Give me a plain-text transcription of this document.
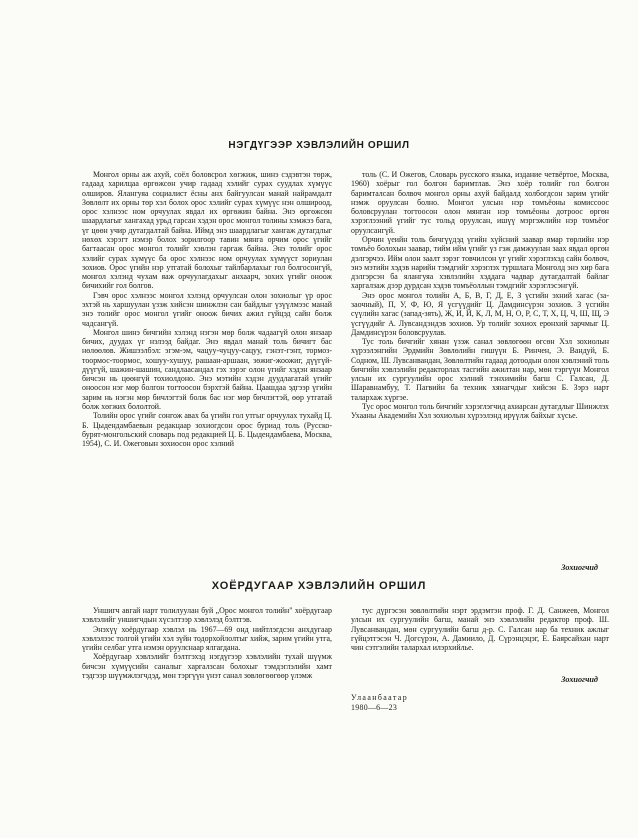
НЭГДҮГЭЭР ХЭВЛЭЛИЙН ОРШИЛ

Монгол орны аж ахуй, соёл боловсрол хөгжиж, шинэ сэдэвтэн төрж, гадаад харилцаа өргөжсөн учир гадаад хэлийг сурах суудлах хүмүүс олширов. Ялангуяа социалист ёсны анх байгуулсан манай найрамдалт Зөвлөлт их орны төр хэл болох орос хэлийг сурах хүмүүс нэн олшироод, орос хэлнээс ном орчуулах явдал их өргөжин байна. Энэ өргөжсөн шаардлагыг хангахад урьд гарсан хэдэн орос монгол толины хэмжээ бага, үг цөөн учир дутагдалтай байна. Иймд энэ шаардлагыг хангаж дутагдлыг нөхөх хэрэгт нэмэр болох зорилгоор тавин мянга орчим орос үгийг багтаасан орос монгол толийг хэвлэн гаргаж байна. Энэ толийг орос хэлийг сурах хүмүүс ба орос хэлнээс ном орчуулах хүмүүст зориулан зохиов. Орос үгийн нэр утгатай болохыг тайлбарлахыг гол болгосонгүй, монгол хэлэнд чухам яаж орчуулагдахыг анхаарч, зохих үгийг оноож бичихийг гол болгов.

Гэвч орос хэлнээс монгол хэлэнд орчуулсан олон зохиолыг үр орос эхтэй нь харшуулан үзэж хийсэн шинжлэн сан байдлыг үзүүлмээс манай энэ толийг орос монгол үгийг оноож бичих ажил гүйцэд сайн болж чадсангүй.

Монгол шинэ бичгийн хэлэнд нэгэн мөр болж чадаагүй олон янзаар бичих, дуудах үг нэлээд байдаг. Энэ явдал манай толь бичигт бас нөлөөлөв. Жишээлбэл: эгэм-эм, чацуу-чуцуу-сацуу, гэнэт-гэнт, тормоз-тоормос-тоормос, хошуу-хушуу, рашаан-аршаан, зөжиг-жоожиг, дүүгүй-дүүгүй, шажин-шашин, сандлаасандал гэх зэрэг олон үгийг хэдэн янзаар бичсэн нь цөөнгүй тохиолдоно. Энэ мэтийн хэдэн дуудлагатай үгийг оноосон нэг мөр болгон тогтоосон бэрхтэй байна. Цаашдаа эдгээр үгийн зарим нь нэгэн мөр бичлэгтэй болж бас нэг мөр бичлэгтэй, өөр утгатай болж хөгжих бололтой.

Толийн орос үгийг сонгож авах ба үгийн гол утгыг орчуулах тухайд Ц. Б. Цыдендамбаевын редакцаар зохиогдсон орос буриад толь (Русско-бурят-монгольский словарь под редакцией Ц. Б. Цыдендамбаева, Москва, 1954), С. И. Ожеговын зохиосон орос хэлний

толь (С. И Ожегов, Словарь русского языка, издание четвёртое, Москва, 1960) хоёрыг гол болгон баримтлав. Энэ хоёр толийг гол болгон баримталсан болвоч монгол орны ахуй байдалд холбогдсон зарим үгийг нэмж оруулсан болно. Монгол улсын нэр томъёоны комиссоос боловсруулан тогтоосон олон мянган нэр томъёоны дотроос өргөн хэрэглээний үгийг тус тольд оруулсан, ишүү мэргэжлийн нэр томъёог оруулсангүй.

Орчин үеийн толь бичгүүдэд үгийн хүйсний заавар ямар төрлийн нэр томъёо болохын заавар, тийм ийм үгийг үз гэж дамжуулан заах явдал өргөн дэлгэрчээ. Ийм олон заалт зэрэг товчилсон үг үгийг хэрэглэхэд сайн болвоч, энэ мэтийн хэдэв нарийн тэмдгийг хэрэглэх туршлага Монголд энэ хир бага дэлгэрсэн ба ялангуяа хэвлэлийн хэддага чадвар дутагдалтай байлаг харгалзаж дээр дурдсан хэдэв томъёоллын тэмдгийг хэрэглэсэнгүй.

Энэ орос монгол толийн А, Б, В, Г, Д, Е, З үсгийн эхний хагас (за-заочный), П, У, Ф, Ю, Я үсгүүдийг Ц. Дамдинсүрэн зохиов. З үсгийн сүүлийн хагас (запад-зять), Ж, И, Й, К, Л, М, Н, О, Р, С, Т, Х, Ц, Ч, Ш, Щ, Э үсгүүдийг А. Лувсандэндэв зохиов. Ур толийг зохиох ерөнхий зарчмыг Ц. Дамдинсүрэн боловсруулав.

Тус толь бичгийг хянан үзэж санал зөвлөгөөн өгсөн Хэл зохиолын хүрээлэнгийн Эрдмийн Зөвлөлийн гишүүн Б. Ринчен, Э. Вандуй, Б. Содном, Ш. Лувсанвандан, Зөвлөлтийн гадаад дотоодын олон хэвлэний толь бичгийн хэвлэлийн редакторлах тасгийн ажилтан нар, мөн тэргүүн Монгол улсын их сургуулийн орос хэлний тэнхимийн багш С. Галсан, Д. Шаравнамбуу, Т. Пагвийн ба техник хянагчдыг хийсэн Б. Зэрэ нарт талархаж хүргэе.

Тус орос монгол толь бичгийг хэрэглэгчид ахиарсан дутагдлыг Шинжлэх Ухааны Академийн Хэл зохиолын хүрээлэнд ирүүлж байхыг хүсье.

Зохиогчид
ХОЁРДУГААР ХЭВЛЭЛИЙН ОРШИЛ

Уншигч авгай нарт толилуулан буй „Орос монгол толийн" хоёрдугаар хэвлэлийг уншигчдын хүсэлтээр хэвлэлэд бэлтгэв.

Энэхүү хоёрдугаар хэвлэл нь 1967—69 онд нийтлэгдсэн анхдугаар хэвлэлээс толгой үгийн хэл зүйн тодорхойлолтыг хийж, зарим үгийн утга, үгийн селбаг утга нэмэн оруулснаар ялгагдана.

Хоёрдугаар хэвлэлийг бэлтгэхэд нэгдүгээр хэвлэлийн тухай шүүмж бичсэн хүмүүсийн саналыг харгалзсан болохыг тэмдэглэлийн хамт тэдгээр шүүмжлэгчдэд, мөн тэргүүн үнэт санал зөвлөгөөгөөр үлэмж

тус дүргэсэн зөвлөлтийн нэрт эрдэмтэн проф. Г. Д. Санжеев, Монгол улсын их сургуулийн багш, манай энэ хэвлэлийн редактор проф. Ш. Лувсанвандан, мөн сургуулийн багш д-р. С. Галсан нар ба техник ажлыг гүйцэтгэсэн Ч. Догсүрэн, А. Дамиило, Д. Сүрэнцэцэг, Е. Баярсайхан нарт чин сэтгэлийн талархал илэрхийлье.

Зохиогчид
Улаанбаатар
1980—6—23
